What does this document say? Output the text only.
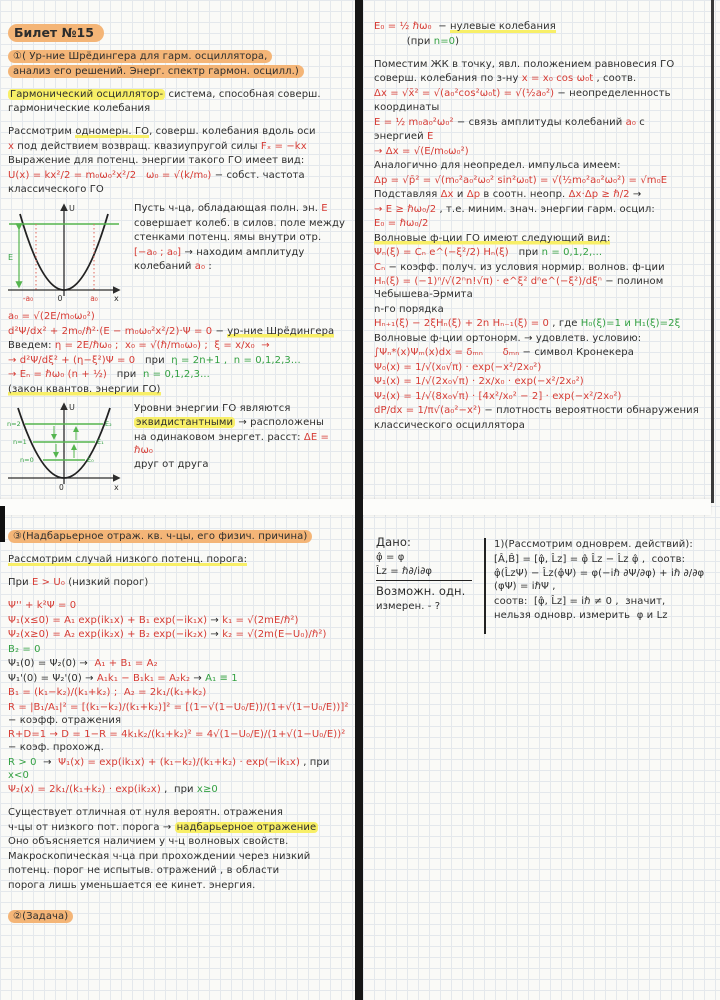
Билет №15
①( Ур-ние Шрёдингера для гарм. осциллятора,
анализ его решений. Энерг. спектр гармон. осцилл.)
Гармонический осциллятор- система, способная соверш.
гармонические колебания
Рассмотрим одномерн. ГО, соверш. колебания вдоль оси
x под действием возвращ. квазиупругой силы Fₓ = −kx
Выражение для потенц. энергии такого ГО имеет вид:
U(x) = kx²/2 = m₀ω₀²x²/2 ω₀ = √(k/m₀) − собст. частота
классического ГО
U
E
-a₀	0	a₀ x
Пусть ч-ца, обладающая полн. эн. E
совершает колеб. в силов. поле между
стенками потенц. ямы внутри отр.
[−a₀ ; a₀] → находим амплитуду
колебаний a₀ :
a₀ = √(2E/m₀ω₀²)
d²Ψ/dx² + 2m₀/ℏ²·(E − m₀ω₀²x²/2)·Ψ = 0 − ур-ние Шрёдингера
Введем: η = 2E/ℏω₀ ;  x₀ = √(ℏ/m₀ω₀) ;  ξ = x/x₀  →
→ d²Ψ/dξ² + (η−ξ²)Ψ = 0   при  η = 2n+1 ,  n = 0,1,2,3...
→ Eₙ = ℏω₀ (n + ½)   при  n = 0,1,2,3...
(закон квантов. энергии ГО)
n=2
n=1
n=0
E₂
E₁
E₀
U
0	x
Уровни энергии ГО являются
эквидистантными → расположены
на одинаковом энергет. расст: ΔE = ℏω₀
друг от друга
E₀ = ½ ℏω₀  − нулевые колебания
(при n=0)
Поместим ЖК в точку, явл. положением равновесия ГО
соверш. колебания по з-ну x = x₀ cos ω₀t , соотв.
Δx = √x̄² = √(a₀²cos²ω₀t) = √(½a₀²) − неопределенность
координаты
E = ½ m₀a₀²ω₀² − связь амплитуды колебаний a₀ с
энергией E
→ Δx = √(E/m₀ω₀²)
Аналогично для неопредел. импульса имеем:
Δp = √p̄² = √(m₀²a₀²ω₀² sin²ω₀t) = √(½m₀²a₀²ω₀²) = √m₀E
Подставляя Δx и Δp в соотн. неопр. Δx·Δp ≥ ℏ/2 →
→ E ≥ ℏω₀/2 , т.е. миним. знач. энергии гарм. осцил:
E₀ = ℏω₀/2
Волновые ф-ции ГО имеют следующий вид:
Ψₙ(ξ) = Cₙ e^(−ξ²/2) Hₙ(ξ)   при n = 0,1,2,...
Cₙ − коэфф. получ. из условия нормир. волнов. ф-ции
Hₙ(ξ) = (−1)ⁿ/√(2ⁿn!√π) · e^ξ² dⁿe^(−ξ²)/dξⁿ − полином Чебышева-Эрмита
n-го порядка
Hₙ₊₁(ξ) − 2ξHₙ(ξ) + 2n Hₙ₋₁(ξ) = 0 , где H₀(ξ)=1 и H₁(ξ)=2ξ
Волновые ф-ции ортонорм. → удовлетв. условию:
∫Ψₙ*(x)Ψₘ(x)dx = δₘₙ δₘₙ − символ Кронекера
Ψ₀(x) = 1/√(x₀√π) · exp(−x²/2x₀²)
Ψ₁(x) = 1/√(2x₀√π) · 2x/x₀ · exp(−x²/2x₀²)
Ψ₂(x) = 1/√(8x₀√π) · [4x²/x₀² − 2] · exp(−x²/2x₀²)
dP/dx = 1/π√(a₀²−x²) − плотность вероятности обнаружения
классического осциллятора
③(Надбарьерное отраж. кв. ч-цы, его физич. причина)
Рассмотрим случай низкого потенц. порога:
При E > U₀ (низкий порог)
Ψ'' + k²Ψ = 0
Ψ₁(x≤0) = A₁ exp(ik₁x) + B₁ exp(−ik₁x) → k₁ = √(2mE/ℏ²)
Ψ₂(x≥0) = A₂ exp(ik₂x) + B₂ exp(−ik₂x) → k₂ = √(2m(E−U₀)/ℏ²)
B₂ = 0
Ψ₁(0) = Ψ₂(0) →  A₁ + B₁ = A₂
Ψ₁'(0) = Ψ₂'(0) → A₁k₁ − B₁k₁ = A₂k₂ → A₁ ≡ 1
B₁ = (k₁−k₂)/(k₁+k₂) ;  A₂ = 2k₁/(k₁+k₂)
R = |B₁/A₁|² = [(k₁−k₂)/(k₁+k₂)]² = [(1−√(1−U₀/E))/(1+√(1−U₀/E))]² − коэфф. отражения
R+D=1 → D = 1−R = 4k₁k₂/(k₁+k₂)² = 4√(1−U₀/E)/(1+√(1−U₀/E))² − коэф. прохожд.
R > 0  →  Ψ₁(x) = exp(ik₁x) + (k₁−k₂)/(k₁+k₂) · exp(−ik₁x) , при x<0
Ψ₂(x) = 2k₁/(k₁+k₂) · exp(ik₂x) ,  при x≥0
Существует отличная от нуля вероятн. отражения
ч-цы от низкого пот. порога → надбарьерное отражение
Оно объясняется наличием у ч-ц волновых свойств.
Макроскопическая ч-ца при прохождении через низкий
потенц. порог не испытыв. отражений , в области
порога лишь уменьшается ее кинет. энергия.
②(Задача)
Дано:
φ̂ = φ
L̂z = ℏ∂/i∂φ
Возможн. одн.
измерен. - ?
1)(Рассмотрим одноврем. действий):
[Â,B̂] = [φ̂, L̂z] = φ̂ L̂z − L̂z φ̂ ,  соотв:
φ̂(L̂zΨ) − L̂z(φ̂Ψ) = φ(−iℏ ∂Ψ/∂φ) + iℏ ∂/∂φ (φΨ) = iℏΨ ,
соотв:  [φ̂, L̂z] = iℏ ≠ 0 ,  значит,
нельзя одновр. измерить  φ и Lz
